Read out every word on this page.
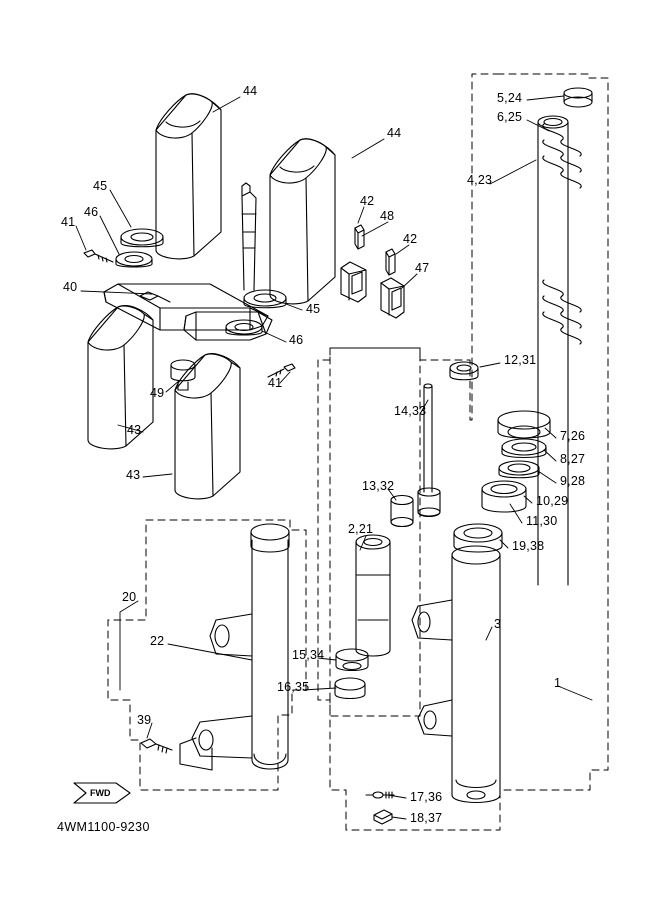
44
44
45
46
41
42
48
42
47
40
45
46
49
41
43
43
5,24
6,25
4,23
12,31
14,33
7,26
8,27
9,28
10,29
13,32
11,30
19,38
2,21
20
22
3
1
15,34
16,35
39
17,36
18,37
FWD
4WM1100-9230
